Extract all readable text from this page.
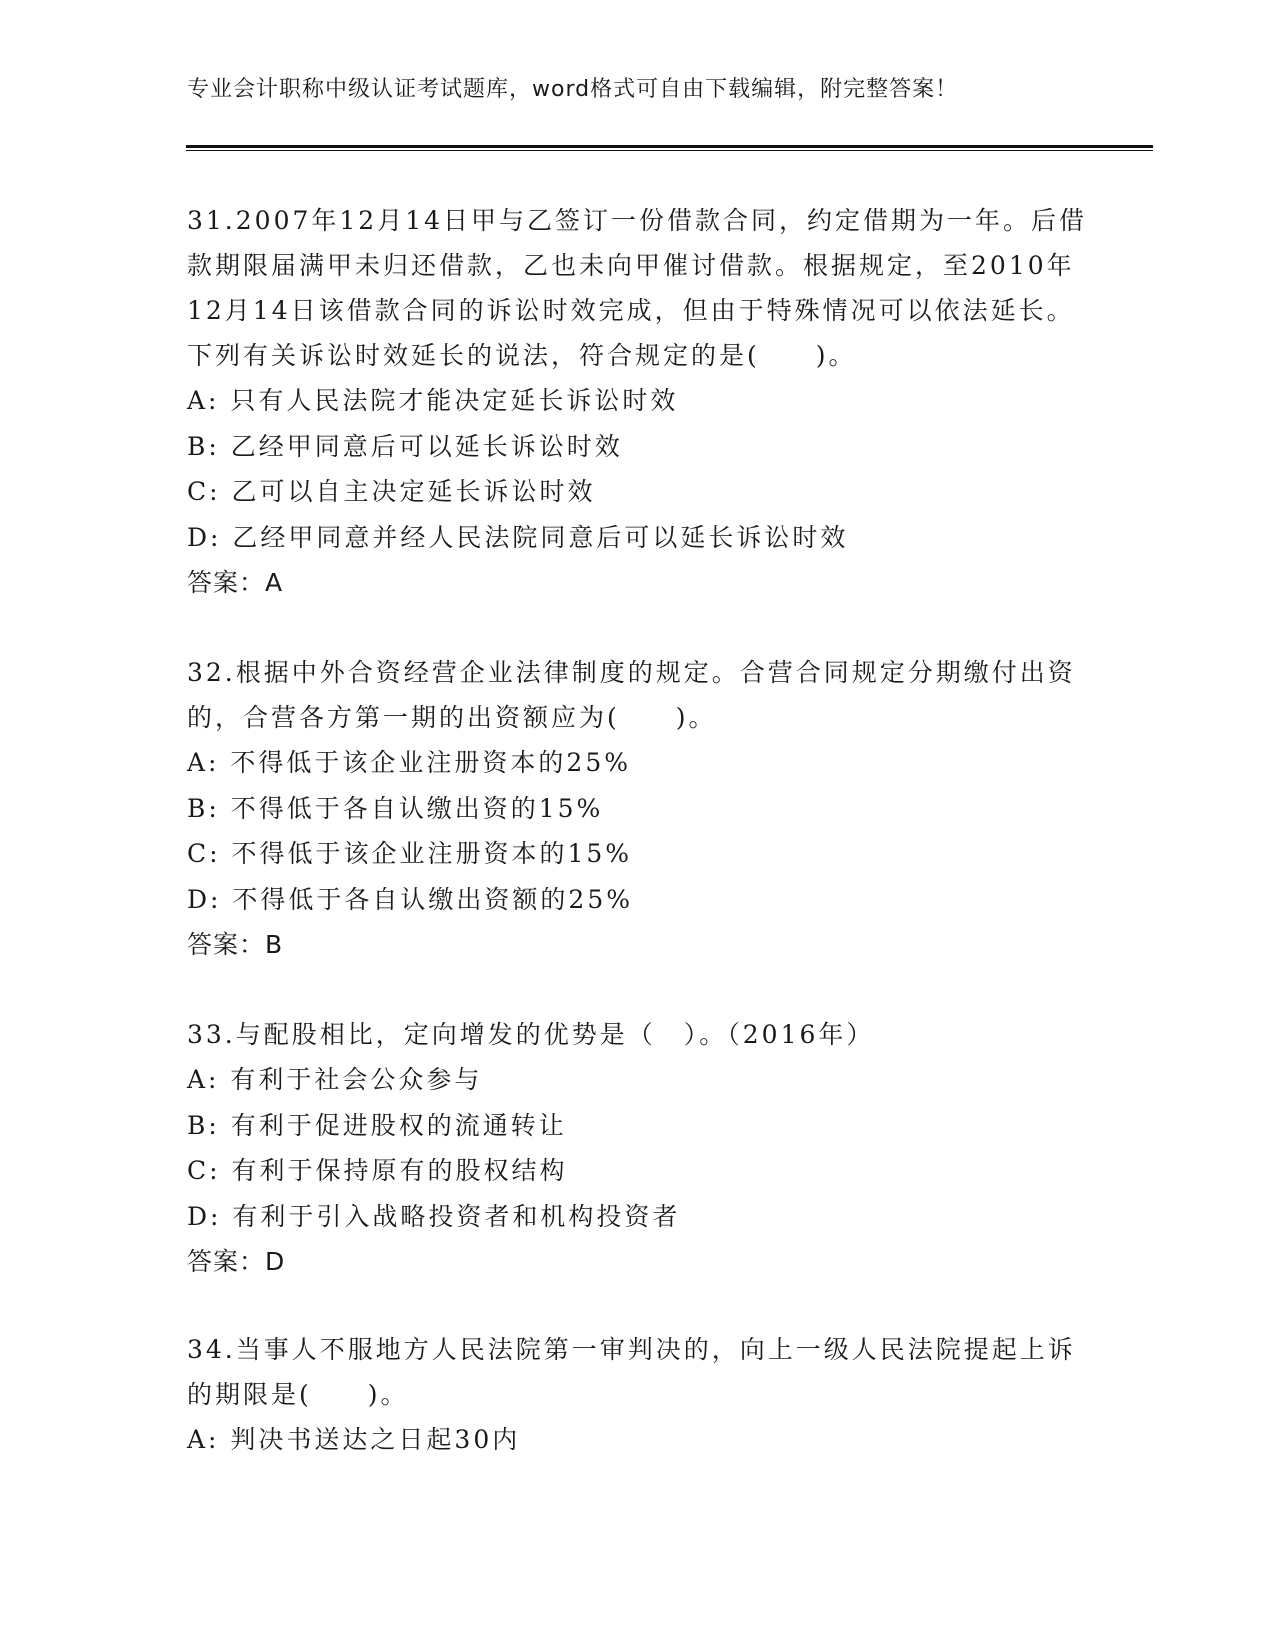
专业会计职称中级认证考试题库，word格式可自由下载编辑，附完整答案！

31.2007年12月14日甲与乙签订一份借款合同，约定借期为一年。后借款期限届满甲未归还借款，乙也未向甲催讨借款。根据规定，至2010年12月14日该借款合同的诉讼时效完成，但由于特殊情况可以依法延长。下列有关诉讼时效延长的说法，符合规定的是(　　)。

A: 只有人民法院才能决定延长诉讼时效

B: 乙经甲同意后可以延长诉讼时效

C: 乙可以自主决定延长诉讼时效

D: 乙经甲同意并经人民法院同意后可以延长诉讼时效

答案：A

32.根据中外合资经营企业法律制度的规定。合营合同规定分期缴付出资的，合营各方第一期的出资额应为(　　)。

A: 不得低于该企业注册资本的25%

B: 不得低于各自认缴出资的15%

C: 不得低于该企业注册资本的15%

D: 不得低于各自认缴出资额的25%

答案：B

33.与配股相比，定向增发的优势是（　）。（2016年）

A: 有利于社会公众参与

B: 有利于促进股权的流通转让

C: 有利于保持原有的股权结构

D: 有利于引入战略投资者和机构投资者

答案：D

34.当事人不服地方人民法院第一审判决的，向上一级人民法院提起上诉的期限是(　　)。

A: 判决书送达之日起30内
